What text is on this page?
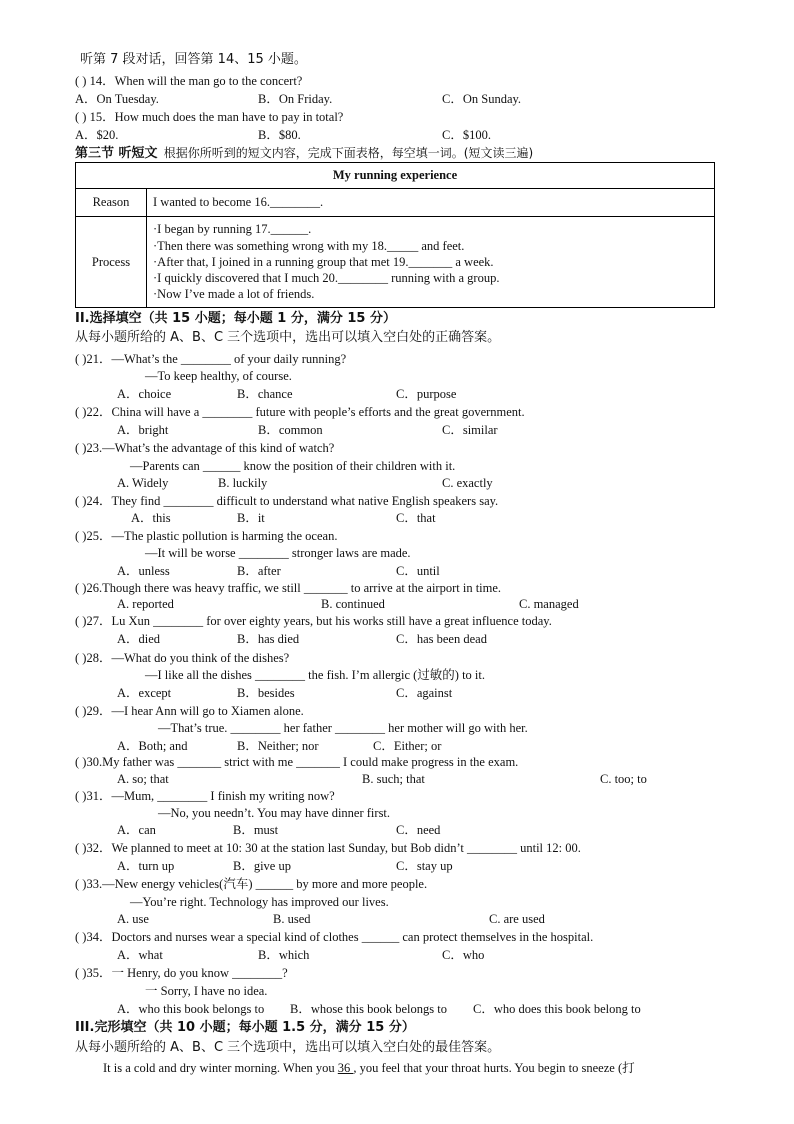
听第 7 段对话，回答第 14、15 小题。
( ) 14．When will the man go to the concert?
A．On Tuesday.	B．On Friday.	C．On Sunday.
( ) 15．How much does the man have to pay in total?
A．$20.	B．$80.	C．$100.
第三节 听短文 根据你所听到的短文内容，完成下面表格，每空填一词。(短文读三遍)
My running experience	
Reason	I wanted to become 16.________.
Process	·I began by running 17.______.
·Then there was something wrong with my 18._____ and feet.
·After that, I joined in a running group that met 19._______ a week.
·I quickly discovered that I much 20.________ running with a group.
·Now I’ve made a lot of friends.
II.选择填空（共 15 小题；每小题 1 分，满分 15 分）
从每小题所给的 A、B、C 三个选项中，选出可以填入空白处的正确答案。
( )21．—What’s the ________ of your daily running?
—To keep healthy, of course.
A．choice	B．chance	C．purpose
( )22．China will have a ________ future with people’s efforts and the great government.
A．bright	B．common	C．similar
( )23.—What’s the advantage of this kind of watch?
—Parents can ______ know the position of their children with it.
A. Widely	B. luckily	C. exactly
( )24．They find ________ difficult to understand what native English speakers say.
A．this	B．it	C．that
( )25．—The plastic pollution is harming the ocean.
—It will be worse ________ stronger laws are made.
A．unless	B．after	C．until
( )26.Though there was heavy traffic, we still _______ to arrive at the airport in time.
A. reported	B. continued	C. managed
( )27．Lu Xun ________ for over eighty years, but his works still have a great influence today.
A．died	B．has died	C．has been dead
( )28．—What do you think of the dishes?
—I like all the dishes ________ the fish. I’m allergic (过敏的) to it.
A．except	B．besides	C．against
( )29．—I hear Ann will go to Xiamen alone.
—That’s true. ________ her father ________ her mother will go with her.
A．Both; and	B．Neither; nor	C．Either; or
( )30.My father was _______ strict with me _______ I could make progress in the exam.
A. so; that	B. such; that	C. too; to
( )31．—Mum, ________ I finish my writing now?
—No, you needn’t. You may have dinner first.
A．can	B．must	C．need
( )32．We planned to meet at 10: 30 at the station last Sunday, but Bob didn’t ________ until 12: 00.
A．turn up	B．give up	C．stay up
( )33.—New energy vehicles(汽车) ______ by more and more people.
—You’re right. Technology has improved our lives.
A. use	B. used	C. are used
( )34．Doctors and nurses wear a special kind of clothes ______ can protect themselves in the hospital.
A．what	B．which	C．who
( )35．一 Henry, do you know ________?
一 Sorry, I have no idea.
A．who this book belongs to B．whose this book belongs to C．who does this book belong to
III.完形填空（共 10 小题；每小题 1.5 分，满分 15 分）
从每小题所给的 A、B、C 三个选项中，选出可以填入空白处的最佳答案。
It is a cold and dry winter morning. When you 36 , you feel that your throat hurts. You begin to sneeze (打
